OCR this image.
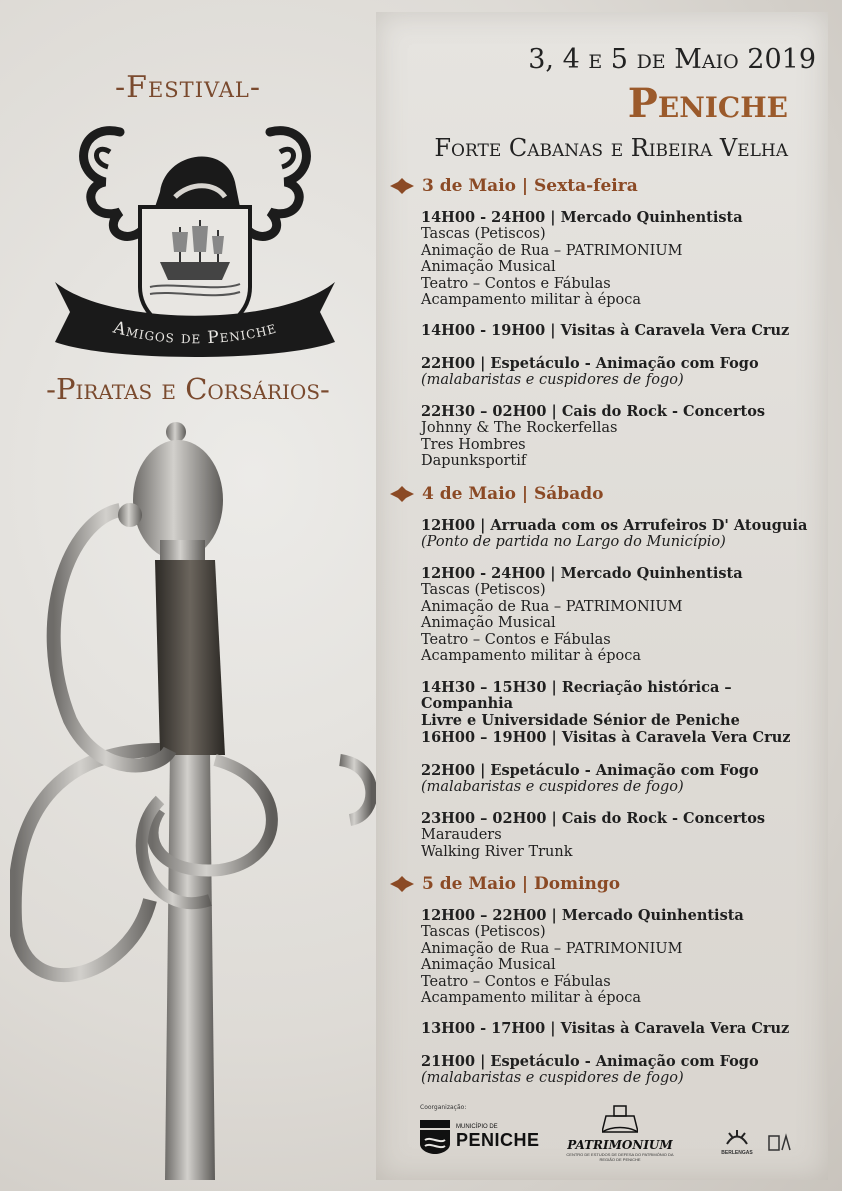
-Festival-
Amigos de Peniche
-Piratas e Corsários-
3, 4 e 5 de Maio 2019
Peniche
Forte Cabanas e Ribeira Velha
3 de Maio | Sexta-feira
14H00 - 24H00 | Mercado Quinhentista
Tascas (Petiscos)
Animação de Rua – PATRIMONIUM
Animação Musical
Teatro – Contos e Fábulas
Acampamento militar à época
14H00 - 19H00 | Visitas à Caravela Vera Cruz
22H00 | Espetáculo - Animação com Fogo
(malabaristas e cuspidores de fogo)
22H30 – 02H00 | Cais do Rock - Concertos
Johnny & The Rockerfellas
Tres Hombres
Dapunksportif
4 de Maio | Sábado
12H00 | Arruada com os Arrufeiros D' Atouguia
(Ponto de partida no Largo do Município)
12H00 - 24H00 | Mercado Quinhentista
Tascas (Petiscos)
Animação de Rua – PATRIMONIUM
Animação Musical
Teatro – Contos e Fábulas
Acampamento militar à época
14H30 – 15H30 | Recriação histórica – Companhia
Livre e Universidade Sénior de Peniche
16H00 – 19H00 | Visitas à Caravela Vera Cruz
22H00 | Espetáculo - Animação com Fogo
(malabaristas e cuspidores de fogo)
23H00 – 02H00 | Cais do Rock - Concertos
Marauders
Walking River Trunk
5 de Maio | Domingo
12H00 – 22H00 | Mercado Quinhentista
Tascas (Petiscos)
Animação de Rua – PATRIMONIUM
Animação Musical
Teatro – Contos e Fábulas
Acampamento militar à época
13H00 - 17H00 | Visitas à Caravela Vera Cruz
21H00 | Espetáculo - Animação com Fogo
(malabaristas e cuspidores de fogo)
Coorganização:
MUNICÍPIO DE
PENICHE	PATRIMONIUM
CENTRO DE ESTUDOS DE DEFESA DO PATRIMÓNIO DA REGIÃO DE PENICHE
BERLENGAS
